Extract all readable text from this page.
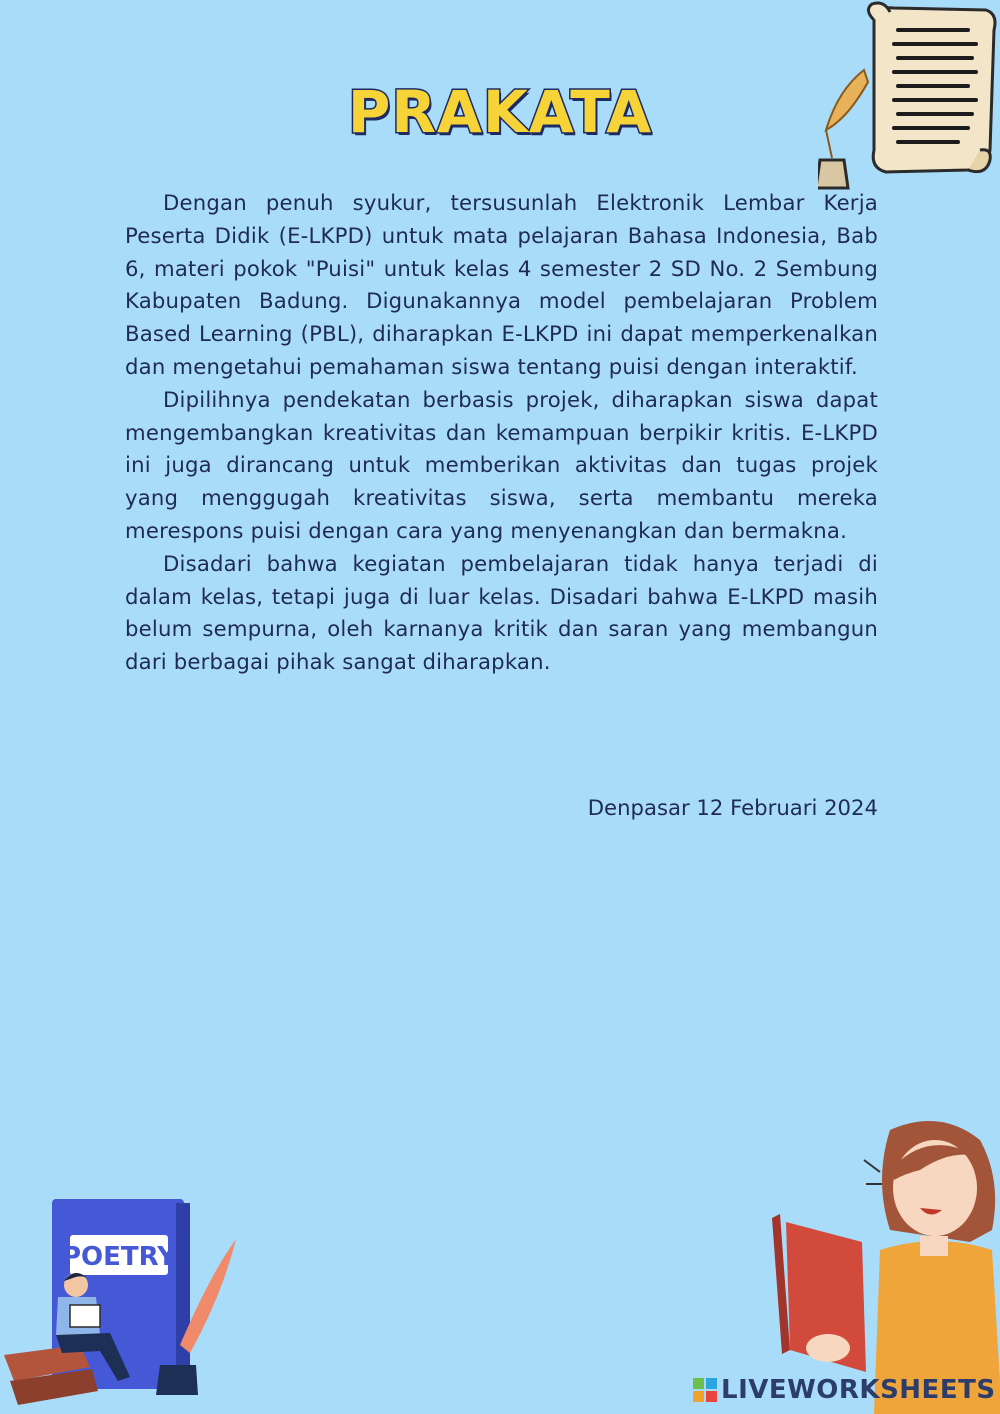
PRAKATA

Dengan penuh syukur, tersusunlah Elektronik Lembar Kerja Peserta Didik (E-LKPD) untuk mata pelajaran Bahasa Indonesia, Bab 6, materi pokok "Puisi" untuk kelas 4 semester 2 SD No. 2 Sembung Kabupaten Badung. Digunakannya model pembelajaran Problem Based Learning (PBL), diharapkan E-LKPD ini dapat memperkenalkan dan mengetahui pemahaman siswa tentang puisi dengan interaktif.

Dipilihnya pendekatan berbasis projek, diharapkan siswa dapat mengembangkan kreativitas dan kemampuan berpikir kritis. E-LKPD ini juga dirancang untuk memberikan aktivitas dan tugas projek yang menggugah kreativitas siswa, serta membantu mereka merespons puisi dengan cara yang menyenangkan dan bermakna.

Disadari bahwa kegiatan pembelajaran tidak hanya terjadi di dalam kelas, tetapi juga di luar kelas. Disadari bahwa E-LKPD masih belum sempurna, oleh karnanya kritik dan saran yang membangun dari berbagai pihak sangat diharapkan.

Denpasar 12 Februari 2024
POETRY
LIVEWORKSHEETS
